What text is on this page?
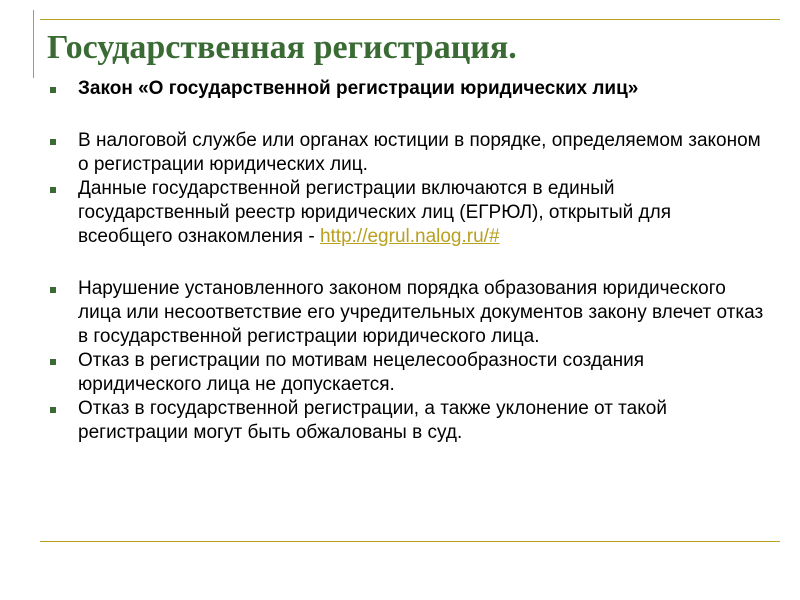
Государственная регистрация.
Закон «О государственной регистрации юридических лиц»
В налоговой службе или органах юстиции в порядке, определяемом законом о регистрации юридических лиц.
Данные государственной регистрации включаются в единый государственный реестр юридических лиц (ЕГРЮЛ), открытый для всеобщего ознакомления - http://egrul.nalog.ru/#
Нарушение установленного законом порядка образования юридического лица или несоответствие его учредительных документов закону влечет отказ в государственной регистрации юридического лица.
Отказ в регистрации по мотивам нецелесообразности создания юридического лица не допускается.
Отказ в государственной регистрации, а также уклонение от такой регистрации могут быть обжалованы в суд.
